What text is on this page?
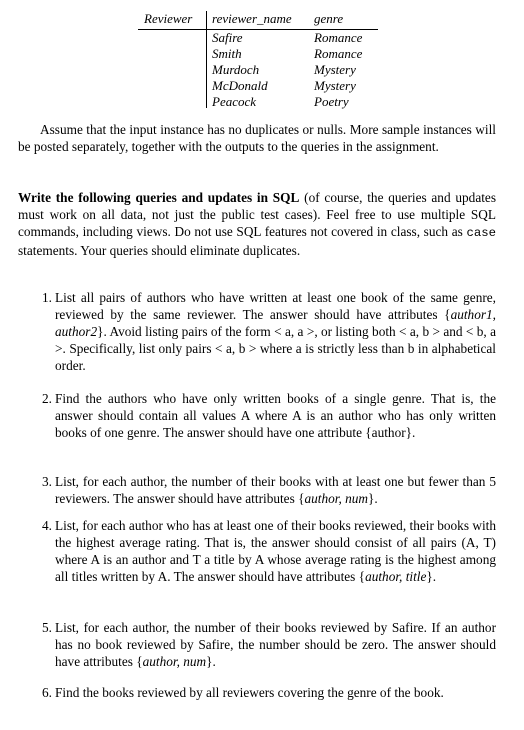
Reviewer reviewer_name genre
Safire	Romance
Smith	Romance
Murdoch	Mystery
McDonald	Mystery
Peacock	Poetry

Assume that the input instance has no duplicates or nulls. More sample instances will be posted separately, together with the outputs to the queries in the assignment.

Write the following queries and updates in SQL (of course, the queries and updates must work on all data, not just the public test cases). Feel free to use multiple SQL commands, including views. Do not use SQL features not covered in class, such as case statements. Your queries should eliminate duplicates.

1. List all pairs of authors who have written at least one book of the same genre, reviewed by the same reviewer. The answer should have attributes {author1, author2}. Avoid listing pairs of the form < a, a >, or listing both < a, b > and < b, a >. Specifically, list only pairs < a, b > where a is strictly less than b in alphabetical order.
2. Find the authors who have only written books of a single genre. That is, the answer should contain all values A where A is an author who has only written books of one genre. The answer should have one attribute {author}.
3. List, for each author, the number of their books with at least one but fewer than 5 reviewers. The answer should have attributes {author, num}.
4. List, for each author who has at least one of their books reviewed, their books with the highest average rating. That is, the answer should consist of all pairs (A, T) where A is an author and T a title by A whose average rating is the highest among all titles written by A. The answer should have attributes {author, title}.
5. List, for each author, the number of their books reviewed by Safire. If an author has no book reviewed by Safire, the number should be zero. The answer should have attributes {author, num}.
6. Find the books reviewed by all reviewers covering the genre of the book.
